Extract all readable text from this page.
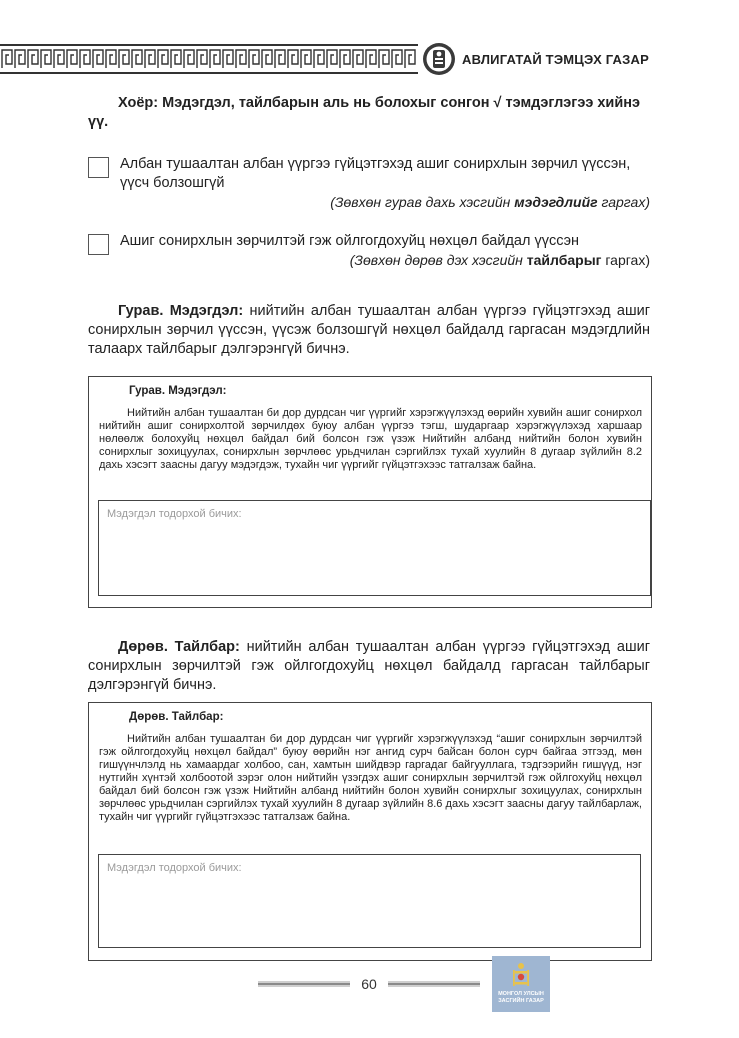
АВЛИГАТАЙ ТЭМЦЭХ ГАЗАР
Хоёр: Мэдэгдэл, тайлбарын аль нь болохыг сонгон √ тэмдэглэгээ хийнэ үү.
Албан тушаалтан албан үүргээ гүйцэтгэхэд ашиг сонирхлын зөрчил үүссэн, үүсч болзошгүй
(Зөвхөн гурав дахь хэсгийн мэдэгдлийг гаргах)
Ашиг сонирхлын зөрчилтэй гэж ойлгогдохуйц нөхцөл байдал үүссэн
(Зөвхөн дөрөв дэх хэсгийн тайлбарыг гаргах)
Гурав. Мэдэгдэл: нийтийн албан тушаалтан албан үүргээ гүйцэтгэхэд ашиг сонирхлын зөрчил үүссэн, үүсэж болзошгүй нөхцөл байдалд гаргасан мэдэгдлийн талаарх тайлбарыг дэлгэрэнгүй бичнэ.
Гурав. Мэдэгдэл:
Нийтийн албан тушаалтан би дор дурдсан чиг үүргийг хэрэгжүүлэхэд өөрийн хувийн ашиг сонирхол нийтийн ашиг сонирхолтой зөрчилдөх буюу албан үүргээ тэгш, шударгаар хэрэгжүүлэхэд харшаар нөлөөлж болохуйц нөхцөл байдал бий болсон гэж үзэж Нийтийн албанд нийтийн болон хувийн сонирхлыг зохицуулах, сонирхлын зөрчлөөс урьдчилан сэргийлэх тухай хуулийн 8 дугаар зүйлийн 8.2 дахь хэсэгт заасны дагуу мэдэгдэж, тухайн чиг үүргийг гүйцэтгэхээс татгалзаж байна.
Мэдэгдэл тодорхой бичих:
Дөрөв. Тайлбар: нийтийн албан тушаалтан албан үүргээ гүйцэтгэхэд ашиг сонирхлын зөрчилтэй гэж ойлгогдохуйц нөхцөл байдалд гаргасан тайлбарыг дэлгэрэнгүй бичнэ.
Дөрөв. Тайлбар:
Нийтийн албан тушаалтан би дор дурдсан чиг үүргийг хэрэгжүүлэхэд “ашиг сонирхлын зөрчилтэй гэж ойлгогдохуйц нөхцөл байдал” буюу өөрийн нэг ангид сурч байсан болон сурч байгаа этгээд, мөн гишүүнчлэлд нь хамаардаг холбоо, сан, хамтын шийдвэр гаргадаг байгууллага, тэдгээрийн гишүүд, нэг нутгийн хүнтэй холбоотой зэрэг олон нийтийн үзэгдэх ашиг сонирхлын зөрчилтэй гэж ойлгохуйц нөхцөл байдал бий болсон гэж үзэж Нийтийн албанд нийтийн болон хувийн сонирхлыг зохицуулах, сонирхлын зөрчлөөс урьдчилан сэргийлэх тухай хуулийн 8 дугаар зүйлийн 8.6 дахь хэсэгт заасны дагуу тайлбарлаж, тухайн чиг үүргийг гүйцэтгэхээс татгалзаж байна.
Мэдэгдэл тодорхой бичих:
60
МОНГОЛ УЛСЫН
ЗАСГИЙН ГАЗАР
